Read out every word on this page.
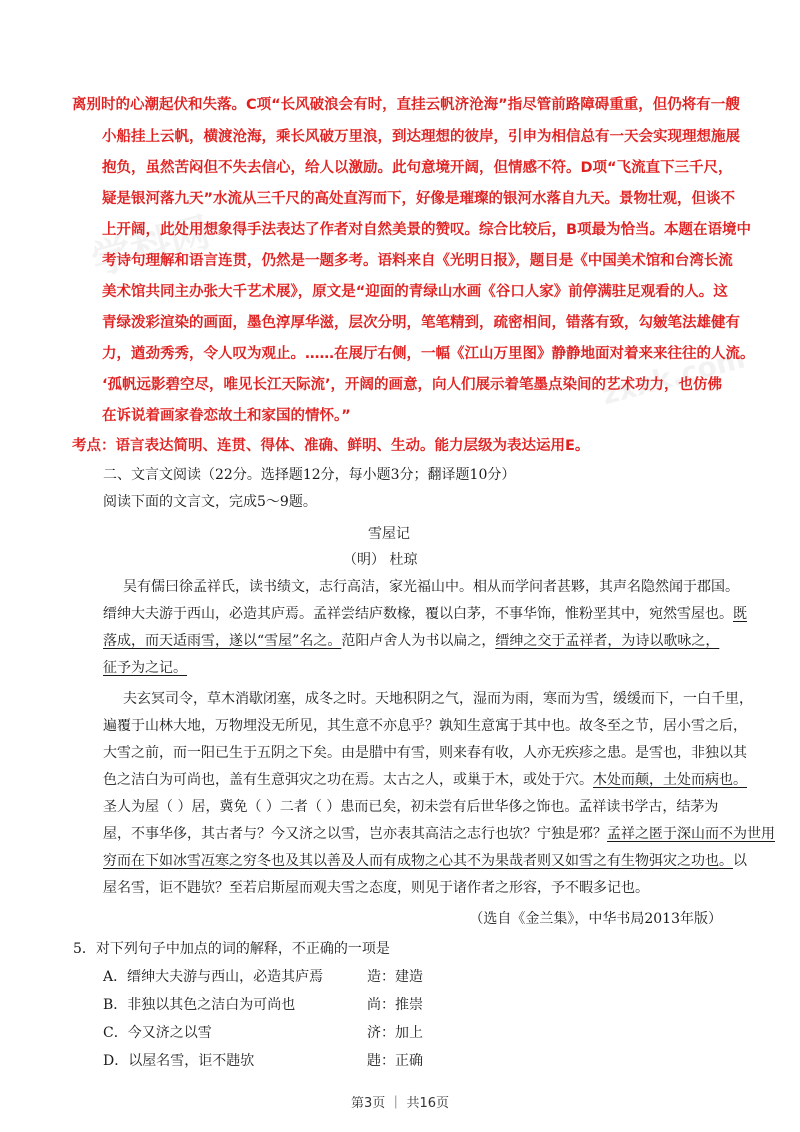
学科网
zxxk.com
离别时的心潮起伏和失落。C项“长风破浪会有时，直挂云帆济沧海”指尽管前路障碍重重，但仍将有一艘
小船挂上云帆，横渡沧海，乘长风破万里浪，到达理想的彼岸，引申为相信总有一天会实现理想施展
抱负，虽然苦闷但不失去信心，给人以激励。此句意境开阔，但情感不符。D项“飞流直下三千尺，
疑是银河落九天”水流从三千尺的高处直泻而下，好像是璀璨的银河水落自九天。景物壮观，但谈不
上开阔，此处用想象得手法表达了作者对自然美景的赞叹。综合比较后，B项最为恰当。本题在语境中
考诗句理解和语言连贯，仍然是一题多考。语料来自《光明日报》，题目是《中国美术馆和台湾长流
美术馆共同主办张大千艺术展》，原文是“迎面的青绿山水画《谷口人家》前停满驻足观看的人。这
青绿泼彩渲染的画面，墨色淳厚华滋，层次分明，笔笔精到，疏密相间，错落有致，勾皴笔法雄健有
力，遒劲秀秀，令人叹为观止。……在展厅右侧，一幅《江山万里图》静静地面对着来来往往的人流。
‘孤帆远影碧空尽，唯见长江天际流’，开阔的画意，向人们展示着笔墨点染间的艺术功力，也仿佛
在诉说着画家眷恋故土和家国的情怀。”
考点：语言表达简明、连贯、得体、准确、鲜明、生动。能力层级为表达运用E。
二、文言文阅读（22分。选择题12分，每小题3分；翻译题10分）
阅读下面的文言文，完成5～9题。
雪屋记
（明） 杜琼
吴有儒曰徐孟祥氏，读书绩文，志行高洁，家光福山中。相从而学问者甚夥，其声名隐然闻于郡国。
缙绅大夫游于西山，必造其庐焉。孟祥尝结庐数椽，覆以白茅，不事华饰，惟粉垩其中，宛然雪屋也。既
落成，而天适雨雪，遂以“雪屋”名之。范阳卢舍人为书以扁之，缙绅之交于孟祥者，为诗以歌咏之，
征予为之记。
夫玄冥司令，草木消歇闭塞，成冬之时。天地积阴之气，湿而为雨，寒而为雪，缓缓而下，一白千里，
遍覆于山林大地，万物埋没无所见，其生意不亦息乎？孰知生意寓于其中也。故冬至之节，居小雪之后，
大雪之前，而一阳已生于五阴之下矣。由是腊中有雪，则来春有收，人亦无疾疹之患。是雪也，非独以其
色之洁白为可尚也，盖有生意弭灾之功在焉。太古之人，或巢于木，或处于穴。木处而颠，土处而病也。
圣人为屋（ ）居，冀免（ ）二者（ ）患而已矣，初未尝有后世华侈之饰也。孟祥读书学古，结茅为
屋，不事华侈，其古者与？今又济之以雪，岂亦表其高洁之志行也欤？宁独是邪？孟祥之匿于深山而不为世用
穷而在下如冰雪冱寒之穷冬也及其以善及人而有成物之心其不为果哉者则又如雪之有生物弭灾之功也。以
屋名雪，讵不韪欤？至若启斯屋而观夫雪之态度，则见于诸作者之形容，予不暇多记也。
（选自《金兰集》，中华书局2013年版）
5．对下列句子中加点的词的解释，不正确的一项是
A．缙绅大夫游与西山，必造其庐焉	造：建造
B．非独以其色之洁白为可尚也	尚：推崇
C．今又济之以雪	济：加上
D．以屋名雪，讵不韪欤	韪：正确
第3页 ｜ 共16页
